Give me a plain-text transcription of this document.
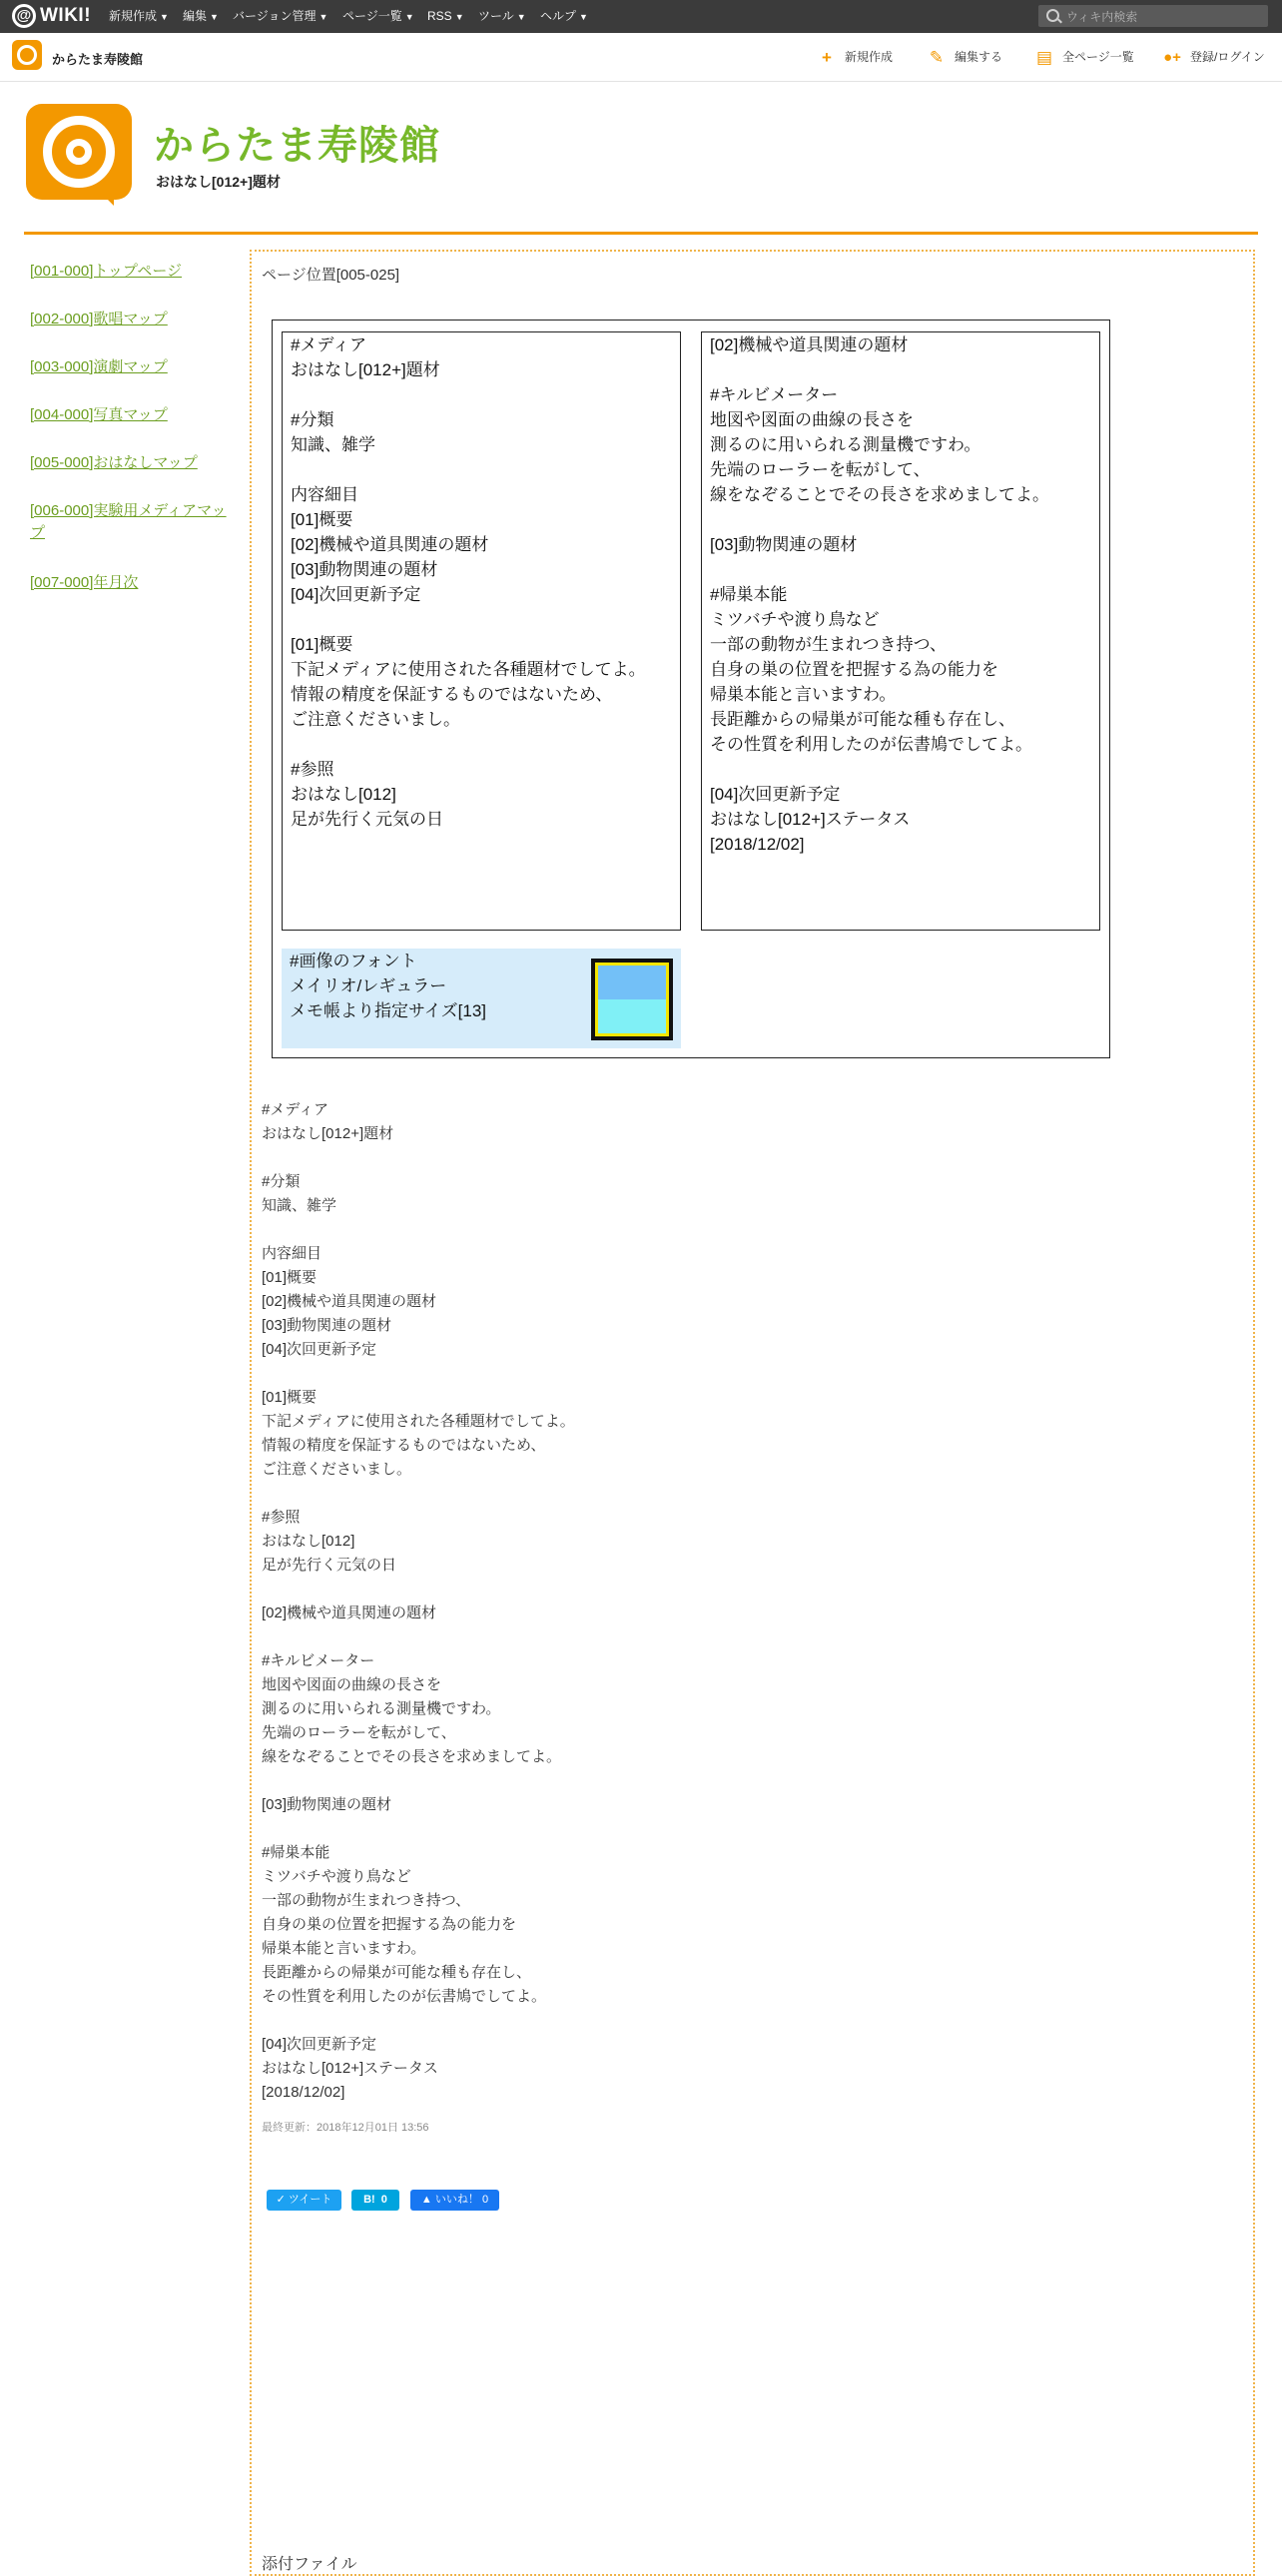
@ WIKI! 新規作成 ▼ 編集 ▼ バージョン管理 ▼ ページ一覧 ▼ RSS ▼ ツール ▼ ヘルプ ▼
ウィキ内検索
からたま寿陵館	+ 新規作成 ✎ 編集する ▤ 全ページ一覧 ●+ 登録/ログイン
からたま寿陵館
おはなし[012+]題材
[001-000]トップページ
[002-000]歌唱マップ
[003-000]演劇マップ
[004-000]写真マップ
[005-000]おはなしマップ
[006-000]実験用メディアマップ
[007-000]年月次
ページ位置[005-025]
#メディア
おはなし[012+]題材

#分類
知識、雑学

内容細目
[01]概要
[02]機械や道具関連の題材
[03]動物関連の題材
[04]次回更新予定

[01]概要
下記メディアに使用された各種題材でしてよ。
情報の精度を保証するものではないため、
ご注意くださいまし。

#参照
おはなし[012]
足が先行く元気の日
[02]機械や道具関連の題材

#キルビメーター
地図や図面の曲線の長さを
測るのに用いられる測量機ですわ。
先端のローラーを転がして、
線をなぞることでその長さを求めましてよ。

[03]動物関連の題材

#帰巣本能
ミツバチや渡り鳥など
一部の動物が生まれつき持つ、
自身の巣の位置を把握する為の能力を
帰巣本能と言いますわ。
長距離からの帰巣が可能な種も存在し、
その性質を利用したのが伝書鳩でしてよ。

[04]次回更新予定
おはなし[012+]ステータス
[2018/12/02]
#画像のフォント
メイリオ/レギュラー
メモ帳より指定サイズ[13]
#メディア
おはなし[012+]題材

#分類
知識、雑学

内容細目
[01]概要
[02]機械や道具関連の題材
[03]動物関連の題材
[04]次回更新予定

[01]概要
下記メディアに使用された各種題材でしてよ。
情報の精度を保証するものではないため、
ご注意くださいまし。

#参照
おはなし[012]
足が先行く元気の日

[02]機械や道具関連の題材

#キルビメーター
地図や図面の曲線の長さを
測るのに用いられる測量機ですわ。
先端のローラーを転がして、
線をなぞることでその長さを求めましてよ。

[03]動物関連の題材

#帰巣本能
ミツバチや渡り鳥など
一部の動物が生まれつき持つ、
自身の巣の位置を把握する為の能力を
帰巣本能と言いますわ。
長距離からの帰巣が可能な種も存在し、
その性質を利用したのが伝書鳩でしてよ。

[04]次回更新予定
おはなし[012+]ステータス
[2018/12/02]
最終更新：2018年12月01日 13:56
✓ ツイート	B! 0	▲ いいね！ 0
添付ファイル
